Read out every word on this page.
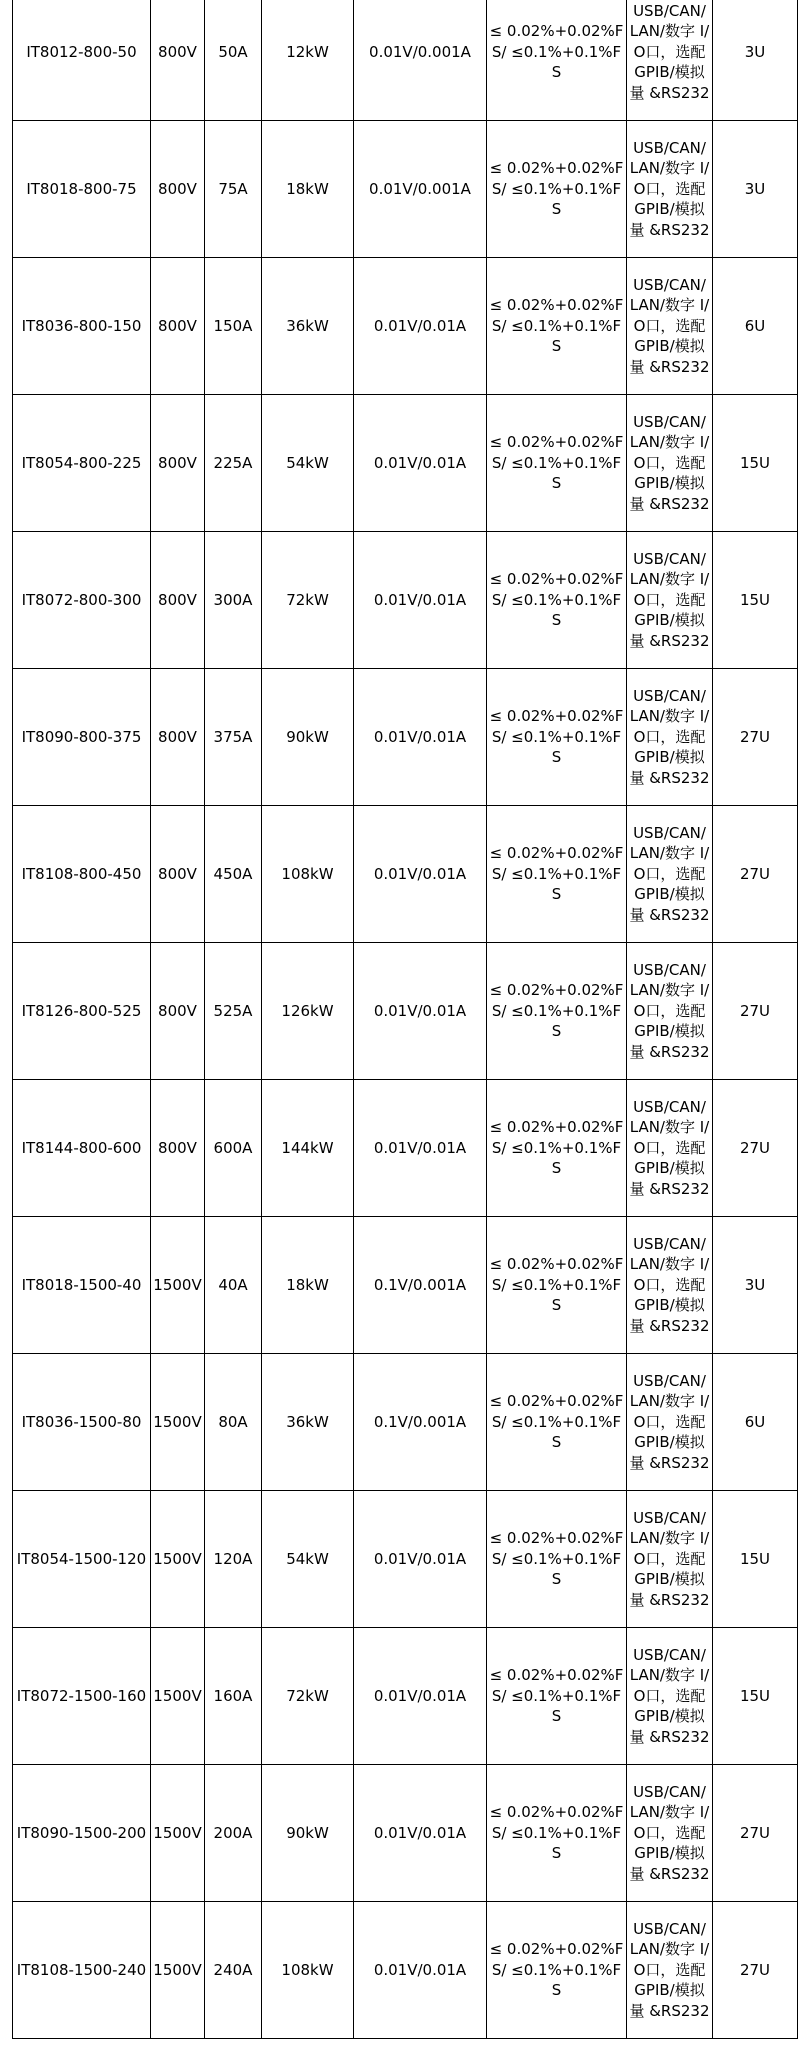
IT8012-800-50	800V	50A	12kW	0.01V/0.001A	≤ 0.02%+0.02%FS/ ≤0.1%+0.1%FS	USB/CAN/ LAN/数字 I/O口，选配GPIB/模拟量 &RS232	3U
IT8018-800-75	800V	75A	18kW	0.01V/0.001A	≤ 0.02%+0.02%FS/ ≤0.1%+0.1%FS	USB/CAN/ LAN/数字 I/O口，选配GPIB/模拟量 &RS232	3U
IT8036-800-150	800V	150A	36kW	0.01V/0.01A	≤ 0.02%+0.02%FS/ ≤0.1%+0.1%FS	USB/CAN/ LAN/数字 I/O口，选配GPIB/模拟量 &RS232	6U
IT8054-800-225	800V	225A	54kW	0.01V/0.01A	≤ 0.02%+0.02%FS/ ≤0.1%+0.1%FS	USB/CAN/ LAN/数字 I/O口，选配GPIB/模拟量 &RS232	15U
IT8072-800-300	800V	300A	72kW	0.01V/0.01A	≤ 0.02%+0.02%FS/ ≤0.1%+0.1%FS	USB/CAN/ LAN/数字 I/O口，选配GPIB/模拟量 &RS232	15U
IT8090-800-375	800V	375A	90kW	0.01V/0.01A	≤ 0.02%+0.02%FS/ ≤0.1%+0.1%FS	USB/CAN/ LAN/数字 I/O口，选配GPIB/模拟量 &RS232	27U
IT8108-800-450	800V	450A	108kW	0.01V/0.01A	≤ 0.02%+0.02%FS/ ≤0.1%+0.1%FS	USB/CAN/ LAN/数字 I/O口，选配GPIB/模拟量 &RS232	27U
IT8126-800-525	800V	525A	126kW	0.01V/0.01A	≤ 0.02%+0.02%FS/ ≤0.1%+0.1%FS	USB/CAN/ LAN/数字 I/O口，选配GPIB/模拟量 &RS232	27U
IT8144-800-600	800V	600A	144kW	0.01V/0.01A	≤ 0.02%+0.02%FS/ ≤0.1%+0.1%FS	USB/CAN/ LAN/数字 I/O口，选配GPIB/模拟量 &RS232	27U
IT8018-1500-40	1500V	40A	18kW	0.1V/0.001A	≤ 0.02%+0.02%FS/ ≤0.1%+0.1%FS	USB/CAN/ LAN/数字 I/O口，选配GPIB/模拟量 &RS232	3U
IT8036-1500-80	1500V	80A	36kW	0.1V/0.001A	≤ 0.02%+0.02%FS/ ≤0.1%+0.1%FS	USB/CAN/ LAN/数字 I/O口，选配GPIB/模拟量 &RS232	6U
IT8054-1500-120	1500V	120A	54kW	0.01V/0.01A	≤ 0.02%+0.02%FS/ ≤0.1%+0.1%FS	USB/CAN/ LAN/数字 I/O口，选配GPIB/模拟量 &RS232	15U
IT8072-1500-160	1500V	160A	72kW	0.01V/0.01A	≤ 0.02%+0.02%FS/ ≤0.1%+0.1%FS	USB/CAN/ LAN/数字 I/O口，选配GPIB/模拟量 &RS232	15U
IT8090-1500-200	1500V	200A	90kW	0.01V/0.01A	≤ 0.02%+0.02%FS/ ≤0.1%+0.1%FS	USB/CAN/ LAN/数字 I/O口，选配GPIB/模拟量 &RS232	27U
IT8108-1500-240	1500V	240A	108kW	0.01V/0.01A	≤ 0.02%+0.02%FS/ ≤0.1%+0.1%FS	USB/CAN/ LAN/数字 I/O口，选配GPIB/模拟量 &RS232	27U
